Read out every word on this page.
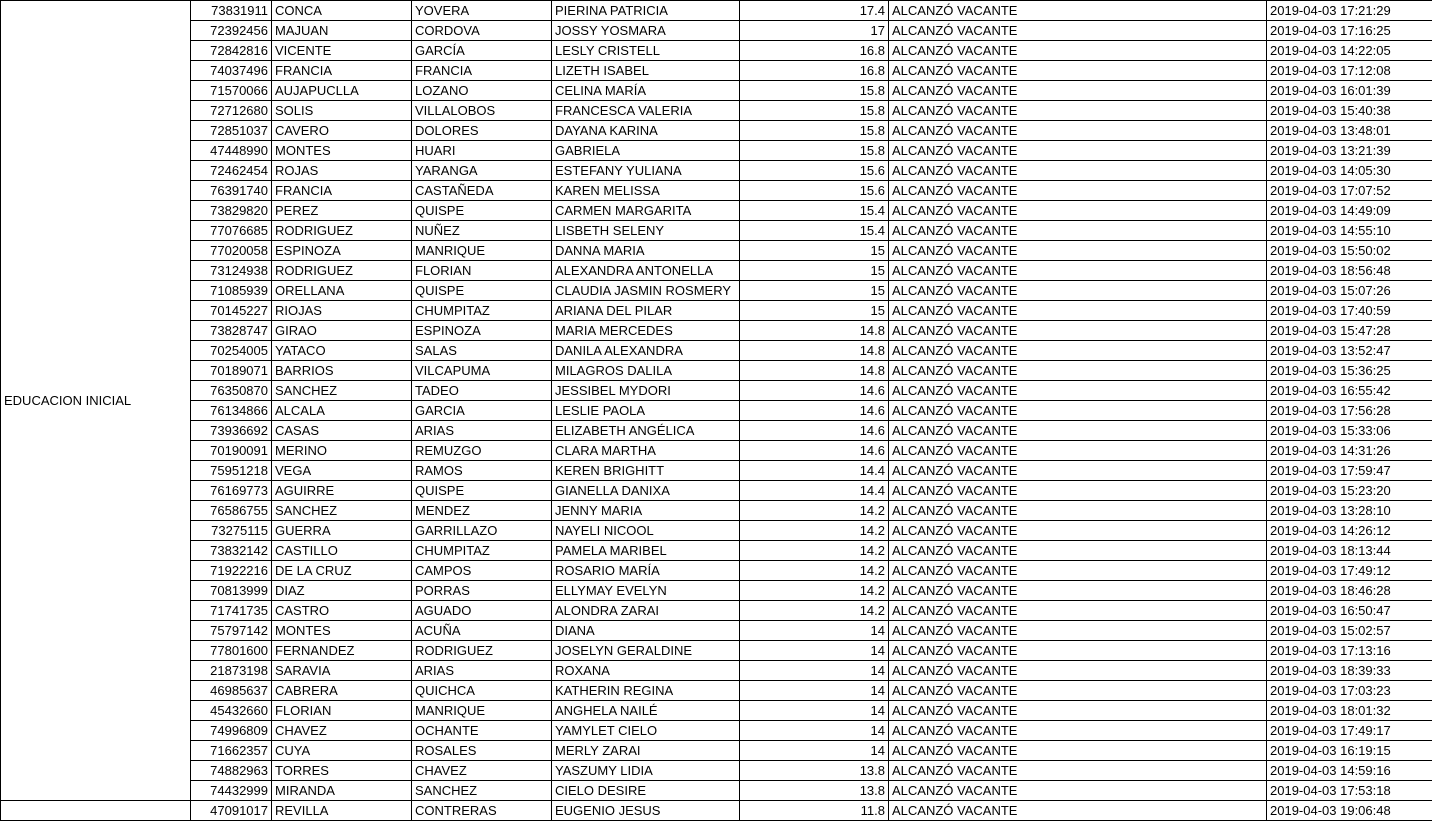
EDUCACION INICIAL	73831911	CONCA	YOVERA	PIERINA PATRICIA	17.4	ALCANZÓ VACANTE	2019-04-03 17:21:29
	72392456	MAJUAN	CORDOVA	JOSSY YOSMARA	17	ALCANZÓ VACANTE	2019-04-03 17:16:25
	72842816	VICENTE	GARCÍA	LESLY CRISTELL	16.8	ALCANZÓ VACANTE	2019-04-03 14:22:05
	74037496	FRANCIA	FRANCIA	LIZETH ISABEL	16.8	ALCANZÓ VACANTE	2019-04-03 17:12:08
	71570066	AUJAPUCLLA	LOZANO	CELINA MARÍA	15.8	ALCANZÓ VACANTE	2019-04-03 16:01:39
	72712680	SOLIS	VILLALOBOS	FRANCESCA VALERIA	15.8	ALCANZÓ VACANTE	2019-04-03 15:40:38
	72851037	CAVERO	DOLORES	DAYANA KARINA	15.8	ALCANZÓ VACANTE	2019-04-03 13:48:01
	47448990	MONTES	HUARI	GABRIELA	15.8	ALCANZÓ VACANTE	2019-04-03 13:21:39
	72462454	ROJAS	YARANGA	ESTEFANY YULIANA	15.6	ALCANZÓ VACANTE	2019-04-03 14:05:30
	76391740	FRANCIA	CASTAÑEDA	KAREN MELISSA	15.6	ALCANZÓ VACANTE	2019-04-03 17:07:52
	73829820	PEREZ	QUISPE	CARMEN MARGARITA	15.4	ALCANZÓ VACANTE	2019-04-03 14:49:09
	77076685	RODRIGUEZ	NUÑEZ	LISBETH SELENY	15.4	ALCANZÓ VACANTE	2019-04-03 14:55:10
	77020058	ESPINOZA	MANRIQUE	DANNA MARIA	15	ALCANZÓ VACANTE	2019-04-03 15:50:02
	73124938	RODRIGUEZ	FLORIAN	ALEXANDRA ANTONELLA	15	ALCANZÓ VACANTE	2019-04-03 18:56:48
	71085939	ORELLANA	QUISPE	CLAUDIA JASMIN ROSMERY	15	ALCANZÓ VACANTE	2019-04-03 15:07:26
	70145227	RIOJAS	CHUMPITAZ	ARIANA DEL PILAR	15	ALCANZÓ VACANTE	2019-04-03 17:40:59
	73828747	GIRAO	ESPINOZA	MARIA MERCEDES	14.8	ALCANZÓ VACANTE	2019-04-03 15:47:28
	70254005	YATACO	SALAS	DANILA ALEXANDRA	14.8	ALCANZÓ VACANTE	2019-04-03 13:52:47
	70189071	BARRIOS	VILCAPUMA	MILAGROS DALILA	14.8	ALCANZÓ VACANTE	2019-04-03 15:36:25
	76350870	SANCHEZ	TADEO	JESSIBEL MYDORI	14.6	ALCANZÓ VACANTE	2019-04-03 16:55:42
	76134866	ALCALA	GARCIA	LESLIE PAOLA	14.6	ALCANZÓ VACANTE	2019-04-03 17:56:28
	73936692	CASAS	ARIAS	ELIZABETH ANGÉLICA	14.6	ALCANZÓ VACANTE	2019-04-03 15:33:06
	70190091	MERINO	REMUZGO	CLARA MARTHA	14.6	ALCANZÓ VACANTE	2019-04-03 14:31:26
	75951218	VEGA	RAMOS	KEREN BRIGHITT	14.4	ALCANZÓ VACANTE	2019-04-03 17:59:47
	76169773	AGUIRRE	QUISPE	GIANELLA DANIXA	14.4	ALCANZÓ VACANTE	2019-04-03 15:23:20
	76586755	SANCHEZ	MENDEZ	JENNY MARIA	14.2	ALCANZÓ VACANTE	2019-04-03 13:28:10
	73275115	GUERRA	GARRILLAZO	NAYELI NICOOL	14.2	ALCANZÓ VACANTE	2019-04-03 14:26:12
	73832142	CASTILLO	CHUMPITAZ	PAMELA MARIBEL	14.2	ALCANZÓ VACANTE	2019-04-03 18:13:44
	71922216	DE LA CRUZ	CAMPOS	ROSARIO MARÍA	14.2	ALCANZÓ VACANTE	2019-04-03 17:49:12
	70813999	DIAZ	PORRAS	ELLYMAY EVELYN	14.2	ALCANZÓ VACANTE	2019-04-03 18:46:28
	71741735	CASTRO	AGUADO	ALONDRA ZARAI	14.2	ALCANZÓ VACANTE	2019-04-03 16:50:47
	75797142	MONTES	ACUÑA	DIANA	14	ALCANZÓ VACANTE	2019-04-03 15:02:57
	77801600	FERNANDEZ	RODRIGUEZ	JOSELYN GERALDINE	14	ALCANZÓ VACANTE	2019-04-03 17:13:16
	21873198	SARAVIA	ARIAS	ROXANA	14	ALCANZÓ VACANTE	2019-04-03 18:39:33
	46985637	CABRERA	QUICHCA	KATHERIN REGINA	14	ALCANZÓ VACANTE	2019-04-03 17:03:23
	45432660	FLORIAN	MANRIQUE	ANGHELA NAILÉ	14	ALCANZÓ VACANTE	2019-04-03 18:01:32
	74996809	CHAVEZ	OCHANTE	YAMYLET CIELO	14	ALCANZÓ VACANTE	2019-04-03 17:49:17
	71662357	CUYA	ROSALES	MERLY ZARAI	14	ALCANZÓ VACANTE	2019-04-03 16:19:15
	74882963	TORRES	CHAVEZ	YASZUMY LIDIA	13.8	ALCANZÓ VACANTE	2019-04-03 14:59:16
	74432999	MIRANDA	SANCHEZ	CIELO DESIRE	13.8	ALCANZÓ VACANTE	2019-04-03 17:53:18
	47091017	REVILLA	CONTRERAS	EUGENIO JESUS	11.8	ALCANZÓ VACANTE	2019-04-03 19:06:48
